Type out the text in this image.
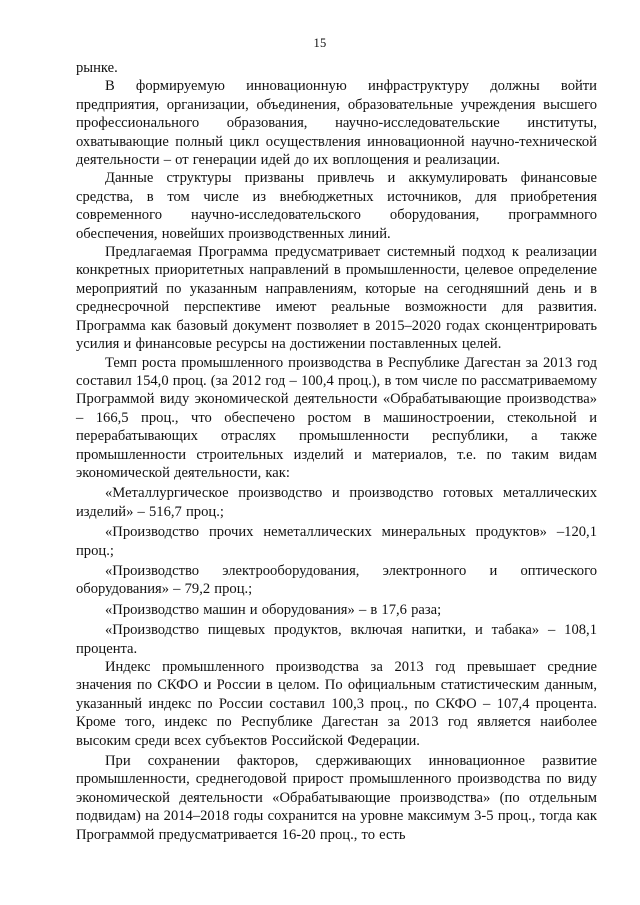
15

рынке.

В формируемую инновационную инфраструктуру должны войти предприятия, организации, объединения, образовательные учреждения высшего профессионального образования, научно-исследовательские институты, охватывающие полный цикл осуществления инновационной научно-технической деятельности – от генерации идей до их воплощения и реализации.

Данные структуры призваны привлечь и аккумулировать финансовые средства, в том числе из внебюджетных источников, для приобретения современного научно-исследовательского оборудования, программного обеспечения, новейших производственных линий.

Предлагаемая Программа предусматривает системный подход к реализации конкретных приоритетных направлений в промышленности, целевое определение мероприятий по указанным направлениям, которые на сегодняшний день и в среднесрочной перспективе имеют реальные возможности для развития. Программа как базовый документ позволяет в 2015–2020 годах сконцентрировать усилия и финансовые ресурсы на достижении поставленных целей.

Темп роста промышленного производства в Республике Дагестан за 2013 год составил 154,0 проц. (за 2012 год – 100,4 проц.), в том числе по рассматриваемому Программой виду экономической деятельности «Обрабатывающие производства» – 166,5 проц., что обеспечено ростом в машиностроении, стекольной и перерабатывающих отраслях промышленности республики, а также промышленности строительных изделий и материалов, т.е. по таким видам экономической деятельности, как:

«Металлургическое производство и производство готовых металлических изделий» – 516,7 проц.;

«Производство прочих неметаллических минеральных продуктов» –120,1 проц.;

«Производство электрооборудования, электронного и оптического оборудования» – 79,2 проц.;

«Производство машин и оборудования» – в 17,6 раза;

«Производство пищевых продуктов, включая напитки, и табака» – 108,1 процента.

Индекс промышленного производства за 2013 год превышает средние значения по СКФО и России в целом. По официальным статистическим данным, указанный индекс по России составил 100,3 проц., по СКФО – 107,4 процента. Кроме того, индекс по Республике Дагестан за 2013 год является наиболее высоким среди всех субъектов Российской Федерации.

При сохранении факторов, сдерживающих инновационное развитие промышленности, среднегодовой прирост промышленного производства по виду экономической деятельности «Обрабатывающие производства» (по отдельным подвидам) на 2014–2018 годы сохранится на уровне максимум 3-5 проц., тогда как Программой предусматривается 16-20 проц., то есть
